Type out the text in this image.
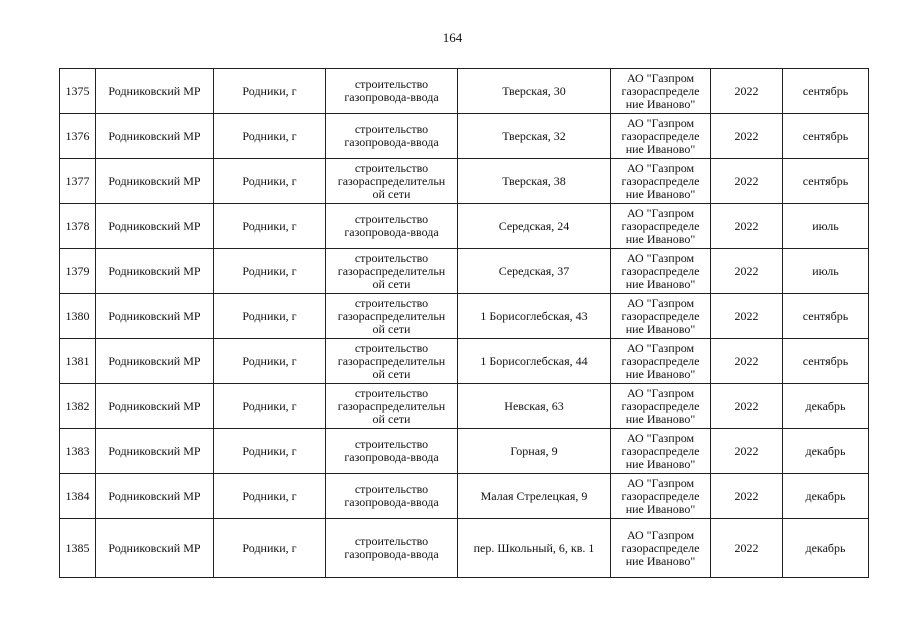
164
1375	Родниковский МР	Родники, г	строительство
газопровода-ввода	Тверская, 30	АО "Газпром
газораспределе
ние Иваново"	2022	сентябрь
1376	Родниковский МР	Родники, г	строительство
газопровода-ввода	Тверская, 32	АО "Газпром
газораспределе
ние Иваново"	2022	сентябрь
1377	Родниковский МР	Родники, г	строительство
газораспределительн
ой сети	Тверская, 38	АО "Газпром
газораспределе
ние Иваново"	2022	сентябрь
1378	Родниковский МР	Родники, г	строительство
газопровода-ввода	Середская, 24	АО "Газпром
газораспределе
ние Иваново"	2022	июль
1379	Родниковский МР	Родники, г	строительство
газораспределительн
ой сети	Середская, 37	АО "Газпром
газораспределе
ние Иваново"	2022	июль
1380	Родниковский МР	Родники, г	строительство
газораспределительн
ой сети	1 Борисоглебская, 43	АО "Газпром
газораспределе
ние Иваново"	2022	сентябрь
1381	Родниковский МР	Родники, г	строительство
газораспределительн
ой сети	1 Борисоглебская, 44	АО "Газпром
газораспределе
ние Иваново"	2022	сентябрь
1382	Родниковский МР	Родники, г	строительство
газораспределительн
ой сети	Невская, 63	АО "Газпром
газораспределе
ние Иваново"	2022	декабрь
1383	Родниковский МР	Родники, г	строительство
газопровода-ввода	Горная, 9	АО "Газпром
газораспределе
ние Иваново"	2022	декабрь
1384	Родниковский МР	Родники, г	строительство
газопровода-ввода	Малая Стрелецкая, 9	АО "Газпром
газораспределе
ние Иваново"	2022	декабрь
1385	Родниковский МР	Родники, г	строительство
газопровода-ввода	пер. Школьный, 6, кв. 1	АО "Газпром
газораспределе
ние Иваново"	2022	декабрь
